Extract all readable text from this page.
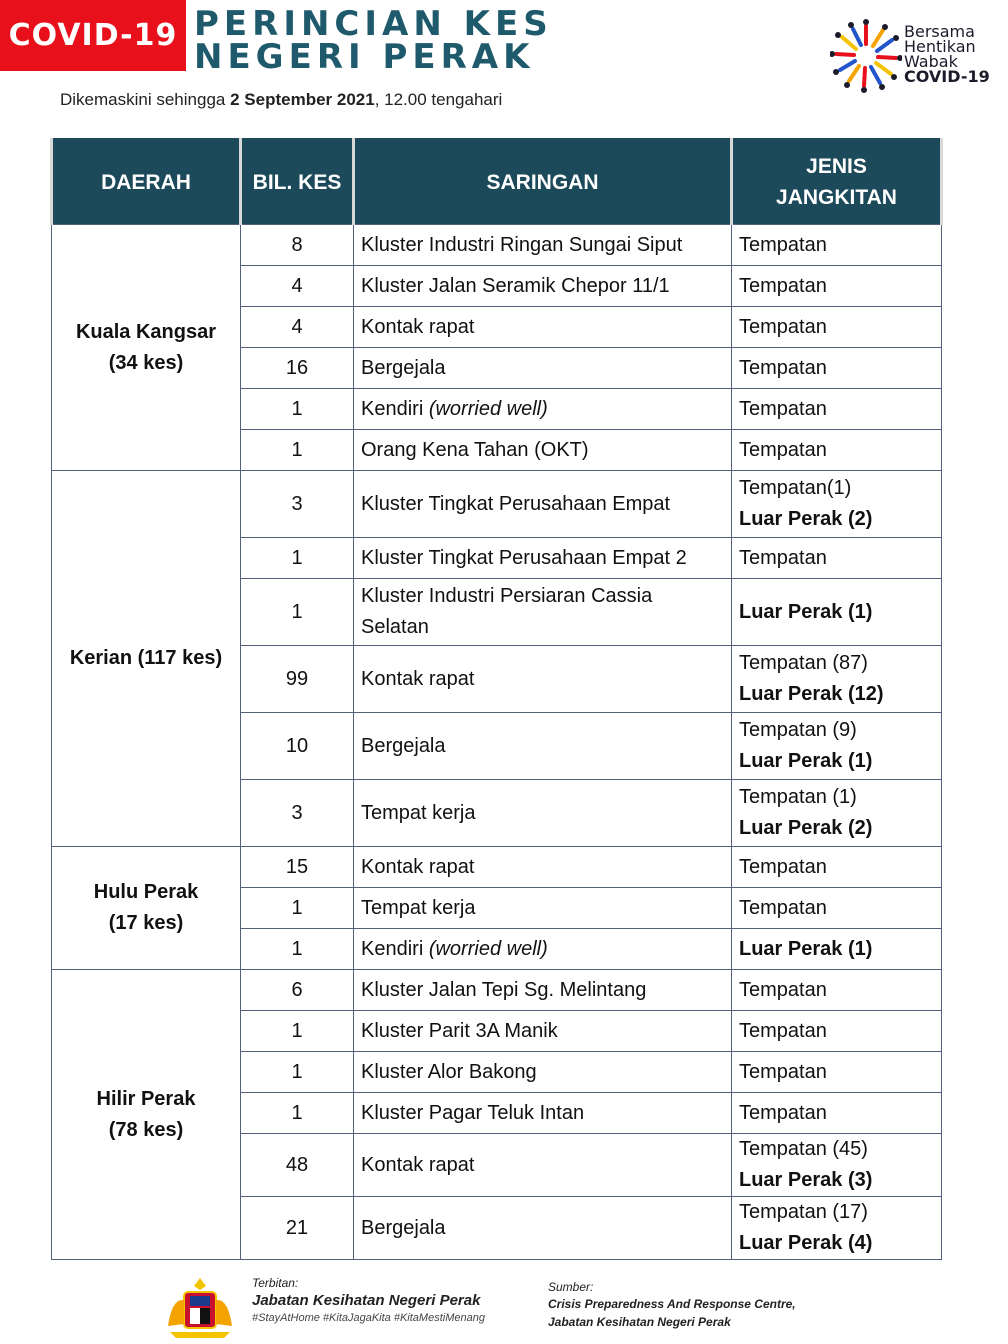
COVID-19 PERINCIAN KES
NEGERI PERAK
Dikemaskini sehingga 2 September 2021, 12.00 tengahari
Bersama
Hentikan
Wabak
COVID-19
DAERAH	BIL. KES	SARINGAN	JENIS
JANGKITAN

Kuala Kangsar
(34 kes)	8	Kluster Industri Ringan Sungai Siput	Tempatan

	4	Kluster Jalan Seramik Chepor 11/1	Tempatan

	4	Kontak rapat	Tempatan

	16	Bergejala	Tempatan

	1	Kendiri (worried well)	Tempatan

	1	Orang Kena Tahan (OKT)	Tempatan

Kerian (117 kes)	3	Kluster Tingkat Perusahaan Empat	Tempatan(1)
Luar Perak (2)

	1	Kluster Tingkat Perusahaan Empat 2	Tempatan

	1	Kluster Industri Persiaran Cassia Selatan	Luar Perak (1)

	99	Kontak rapat	Tempatan (87)
Luar Perak (12)

	10	Bergejala	Tempatan (9)
Luar Perak (1)

	3	Tempat kerja	Tempatan (1)
Luar Perak (2)

Hulu Perak
(17 kes)	15	Kontak rapat	Tempatan

	1	Tempat kerja	Tempatan

	1	Kendiri (worried well)	Luar Perak (1)

Hilir Perak
(78 kes)	6	Kluster Jalan Tepi Sg. Melintang	Tempatan

	1	Kluster Parit 3A Manik	Tempatan

	1	Kluster Alor Bakong	Tempatan

	1	Kluster Pagar Teluk Intan	Tempatan

	48	Kontak rapat	Tempatan (45)
Luar Perak (3)

	21	Bergejala	Tempatan (17)
Luar Perak (4)
Terbitan:
Jabatan Kesihatan Negeri Perak
#StayAtHome #KitaJagaKita #KitaMestiMenang
Sumber:
Crisis Preparedness And Response Centre,
Jabatan Kesihatan Negeri Perak
